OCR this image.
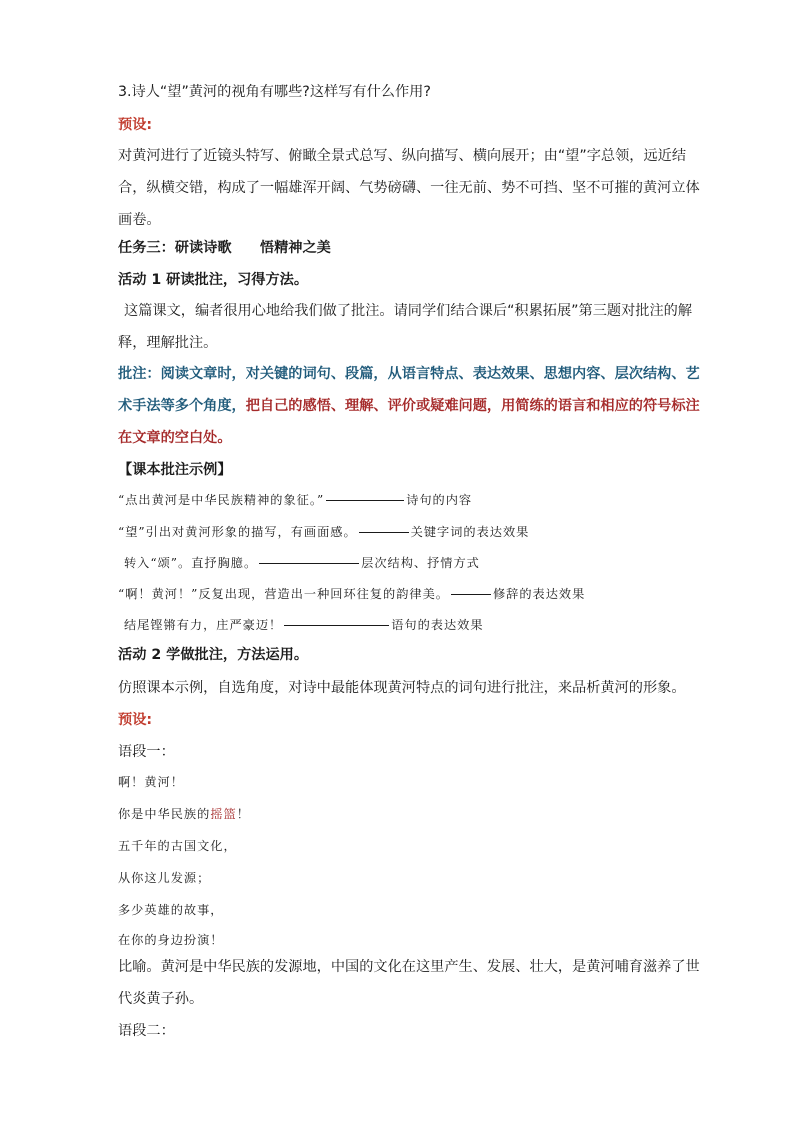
3.诗人“望”黄河的视角有哪些?这样写有什么作用?
预设:
对黄河进行了近镜头特写、俯瞰全景式总写、纵向描写、横向展开；由“望”字总领，远近结合，纵横交错，构成了一幅雄浑开阔、气势磅礴、一往无前、势不可挡、坚不可摧的黄河立体画卷。
任务三：研读诗歌　　悟精神之美
活动 1 研读批注，习得方法。
这篇课文，编者很用心地给我们做了批注。请同学们结合课后“积累拓展”第三题对批注的解释，理解批注。
批注：阅读文章时，对关键的词句、段篇，从语言特点、表达效果、思想内容、层次结构、艺术手法等多个角度，把自己的感悟、理解、评价或疑难问题，用简练的语言和相应的符号标注在文章的空白处。
【课本批注示例】
“点出黄河是中华民族精神的象征。”	诗句的内容
“望”引出对黄河形象的描写，有画面感。	关键字词的表达效果
转入“颂”。直抒胸臆。	层次结构、抒情方式
“啊！黄河！”反复出现，营造出一种回环往复的韵律美。	修辞的表达效果
结尾铿锵有力，庄严豪迈！	语句的表达效果
活动 2 学做批注，方法运用。
仿照课本示例，自选角度，对诗中最能体现黄河特点的词句进行批注，来品析黄河的形象。
预设:
语段一：
啊！黄河！
你是中华民族的摇篮！
五千年的古国文化，
从你这儿发源；
多少英雄的故事，
在你的身边扮演！
比喻。黄河是中华民族的发源地，中国的文化在这里产生、发展、壮大，是黄河哺育滋养了世代炎黄子孙。
语段二：
